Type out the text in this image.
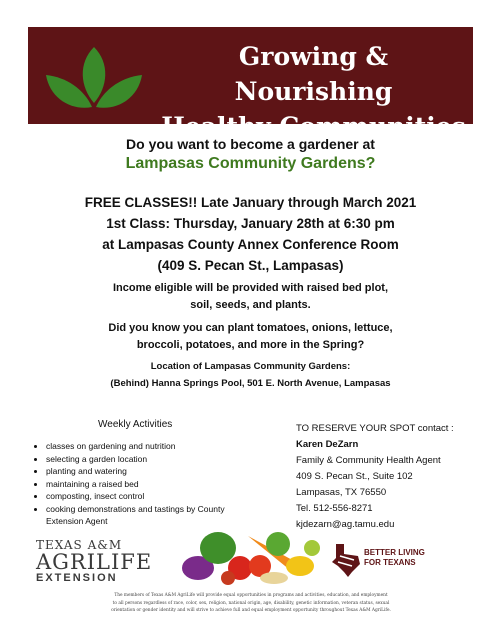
Growing & Nourishing
Healthy Communities
Do you want to become a gardener at
Lampasas Community Gardens?
FREE CLASSES!! Late January through March 2021
1st Class: Thursday, January 28th at 6:30 pm
at Lampasas County Annex Conference Room
(409 S. Pecan St., Lampasas)
Income eligible will be provided with raised bed plot,
soil, seeds, and plants.
Did you know you can plant tomatoes, onions, lettuce,
broccoli, potatoes, and more in the Spring?
Location of Lampasas Community Gardens:
(Behind) Hanna Springs Pool, 501 E. North Avenue, Lampasas
Weekly Activities
• classes on gardening and nutrition
• selecting a garden location
• planting and watering
• maintaining a raised bed
• composting, insect control
• cooking demonstrations and tastings by County Extension Agent
TO RESERVE YOUR SPOT contact :
Karen DeZarn
Family & Community Health Agent
409 S. Pecan St., Suite 102
Lampasas, TX 76550
Tel. 512-556-8271
kjdezarn@ag.tamu.edu
TEXAS A&M
AGRILIFE
EXTENSION
BETTER LIVING
FOR TEXANS
The members of Texas A&M AgriLife will provide equal opportunities in programs and activities, education, and employment
to all persons regardless of race, color, sex, religion, national origin, age, disability, genetic information, veteran status, sexual
orientation or gender identity and will strive to achieve full and equal employment opportunity throughout Texas A&M AgriLife.
